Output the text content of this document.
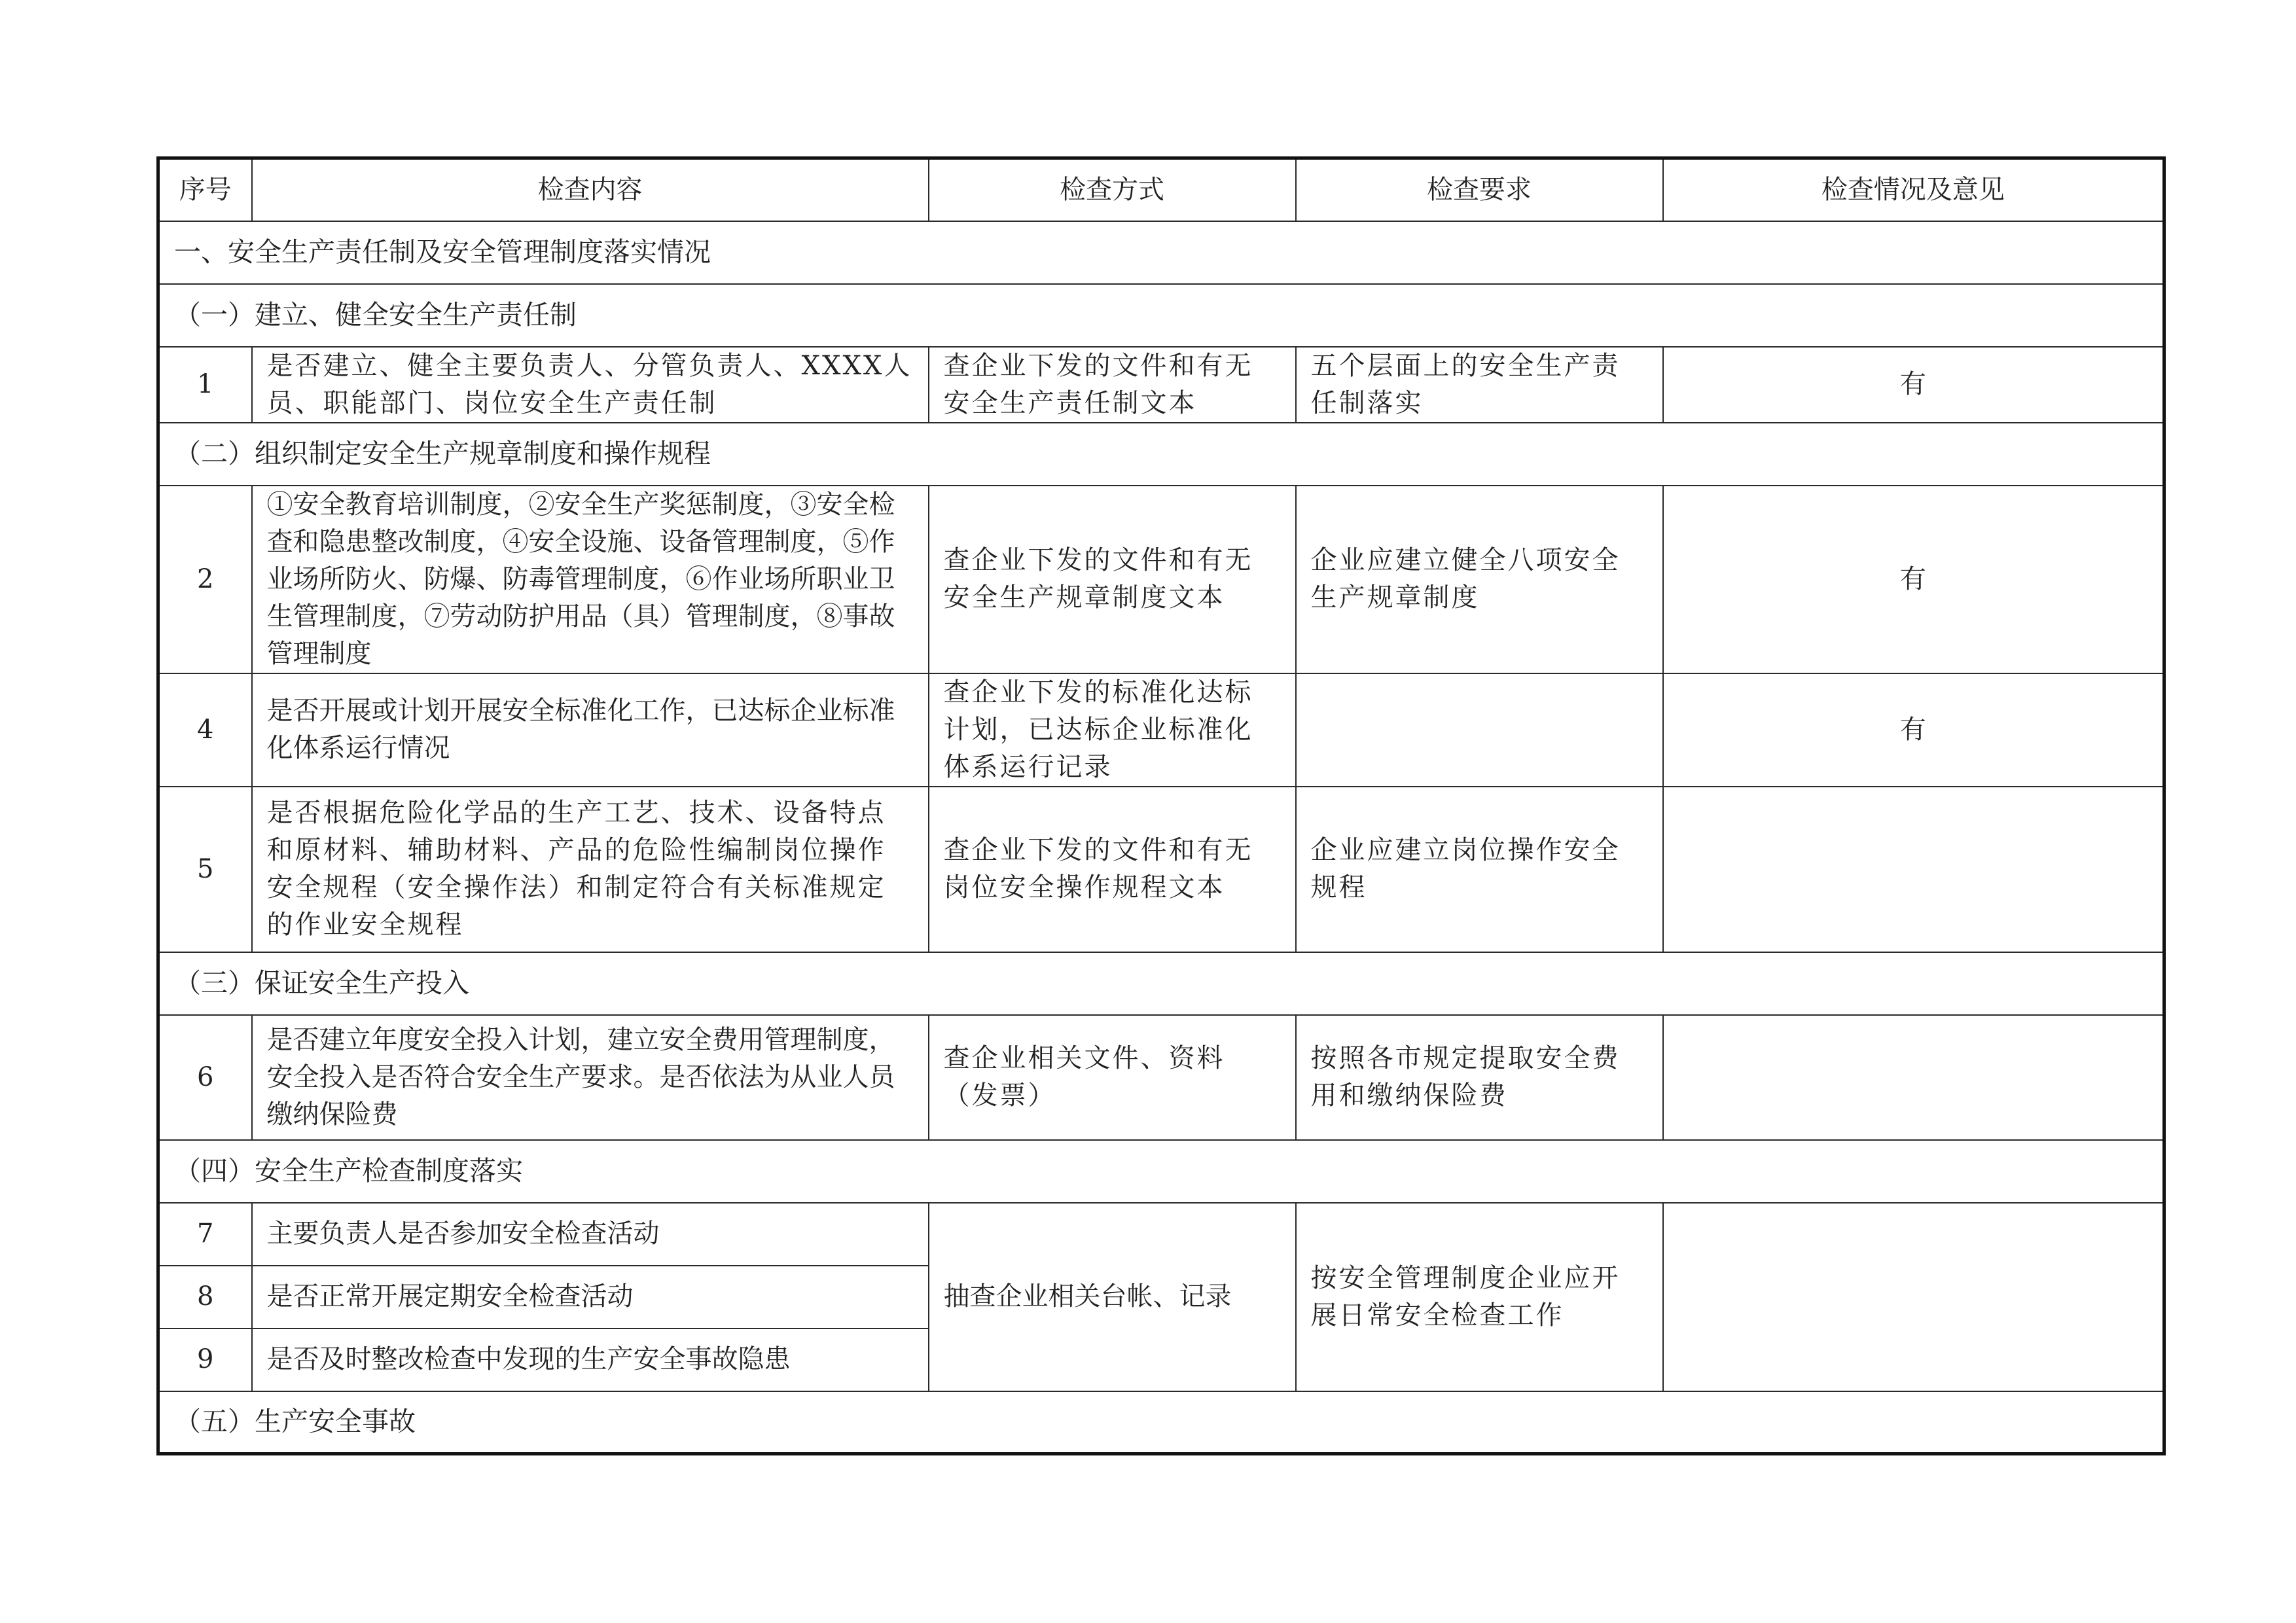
序号	检查内容	检查方式	检查要求	检查情况及意见
一、安全生产责任制及安全管理制度落实情况				
（一）建立、健全安全生产责任制				
1	是否建立、健全主要负责人、分管负责人、XXXX人员、职能部门、岗位安全生产责任制	查企业下发的文件和有无安全生产责任制文本	五个层面上的安全生产责任制落实	有
（二）组织制定安全生产规章制度和操作规程				
2	①安全教育培训制度，②安全生产奖惩制度，③安全检查和隐患整改制度，④安全设施、设备管理制度，⑤作业场所防火、防爆、防毒管理制度，⑥作业场所职业卫生管理制度，⑦劳动防护用品（具）管理制度，⑧事故管理制度	查企业下发的文件和有无安全生产规章制度文本	企业应建立健全八项安全生产规章制度	有
4	是否开展或计划开展安全标准化工作，已达标企业标准化体系运行情况	查企业下发的标准化达标计划，已达标企业标准化体系运行记录		有
5	是否根据危险化学品的生产工艺、技术、设备特点和原材料、辅助材料、产品的危险性编制岗位操作安全规程（安全操作法）和制定符合有关标准规定的作业安全规程	查企业下发的文件和有无岗位安全操作规程文本	企业应建立岗位操作安全规程	
（三）保证安全生产投入				
6	是否建立年度安全投入计划，建立安全费用管理制度，安全投入是否符合安全生产要求。是否依法为从业人员缴纳保险费	查企业相关文件、资料（发票）	按照各市规定提取安全费用和缴纳保险费	
（四）安全生产检查制度落实				
7	主要负责人是否参加安全检查活动	抽查企业相关台帐、记录	按安全管理制度企业应开展日常安全检查工作	
8	是否正常开展定期安全检查活动			
9	是否及时整改检查中发现的生产安全事故隐患			
（五）生产安全事故				
